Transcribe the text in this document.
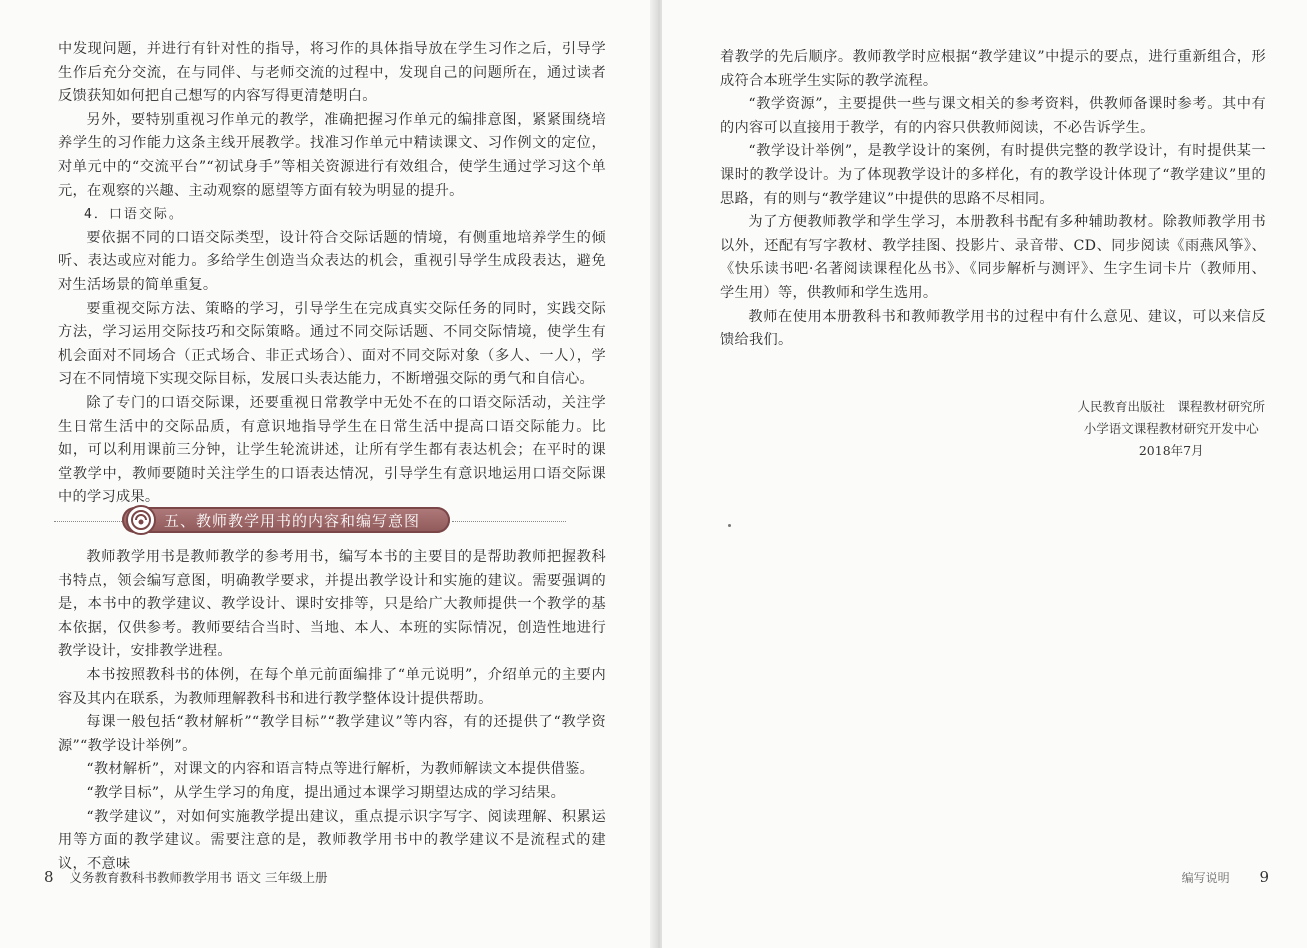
中发现问题，并进行有针对性的指导，将习作的具体指导放在学生习作之后，引导学生作后充分交流，在与同伴、与老师交流的过程中，发现自己的问题所在，通过读者反馈获知如何把自己想写的内容写得更清楚明白。

另外，要特别重视习作单元的教学，准确把握习作单元的编排意图，紧紧围绕培养学生的习作能力这条主线开展教学。找准习作单元中精读课文、习作例文的定位，对单元中的“交流平台”“初试身手”等相关资源进行有效组合，使学生通过学习这个单元，在观察的兴趣、主动观察的愿望等方面有较为明显的提升。

4．口语交际。

要依据不同的口语交际类型，设计符合交际话题的情境，有侧重地培养学生的倾听、表达或应对能力。多给学生创造当众表达的机会，重视引导学生成段表达，避免对生活场景的简单重复。

要重视交际方法、策略的学习，引导学生在完成真实交际任务的同时，实践交际方法，学习运用交际技巧和交际策略。通过不同交际话题、不同交际情境，使学生有机会面对不同场合（正式场合、非正式场合）、面对不同交际对象（多人、一人），学习在不同情境下实现交际目标，发展口头表达能力，不断增强交际的勇气和自信心。

除了专门的口语交际课，还要重视日常教学中无处不在的口语交际活动，关注学生日常生活中的交际品质，有意识地指导学生在日常生活中提高口语交际能力。比如，可以利用课前三分钟，让学生轮流讲述，让所有学生都有表达机会；在平时的课堂教学中，教师要随时关注学生的口语表达情况，引导学生有意识地运用口语交际课中的学习成果。

五、教师教学用书的内容和编写意图

教师教学用书是教师教学的参考用书，编写本书的主要目的是帮助教师把握教科书特点，领会编写意图，明确教学要求，并提出教学设计和实施的建议。需要强调的是，本书中的教学建议、教学设计、课时安排等，只是给广大教师提供一个教学的基本依据，仅供参考。教师要结合当时、当地、本人、本班的实际情况，创造性地进行教学设计，安排教学进程。

本书按照教科书的体例，在每个单元前面编排了“单元说明”，介绍单元的主要内容及其内在联系，为教师理解教科书和进行教学整体设计提供帮助。

每课一般包括“教材解析”“教学目标”“教学建议”等内容，有的还提供了“教学资源”“教学设计举例”。

“教材解析”，对课文的内容和语言特点等进行解析，为教师解读文本提供借鉴。

“教学目标”，从学生学习的角度，提出通过本课学习期望达成的学习结果。

“教学建议”，对如何实施教学提出建议，重点提示识字写字、阅读理解、积累运用等方面的教学建议。需要注意的是，教师教学用书中的教学建议不是流程式的建议，不意味

8 义务教育教科书教师教学用书 语文 三年级上册

着教学的先后顺序。教师教学时应根据“教学建议”中提示的要点，进行重新组合，形成符合本班学生实际的教学流程。

“教学资源”，主要提供一些与课文相关的参考资料，供教师备课时参考。其中有的内容可以直接用于教学，有的内容只供教师阅读，不必告诉学生。

“教学设计举例”，是教学设计的案例，有时提供完整的教学设计，有时提供某一课时的教学设计。为了体现教学设计的多样化，有的教学设计体现了“教学建议”里的思路，有的则与“教学建议”中提供的思路不尽相同。

为了方便教师教学和学生学习，本册教科书配有多种辅助教材。除教师教学用书以外，还配有写字教材、教学挂图、投影片、录音带、CD、同步阅读《雨燕风筝》、《快乐读书吧·名著阅读课程化丛书》、《同步解析与测评》、生字生词卡片（教师用、学生用）等，供教师和学生选用。

教师在使用本册教科书和教师教学用书的过程中有什么意见、建议，可以来信反馈给我们。

人民教育出版社　课程教材研究所
小学语文课程教材研究开发中心
2018年7月
编写说明 9
